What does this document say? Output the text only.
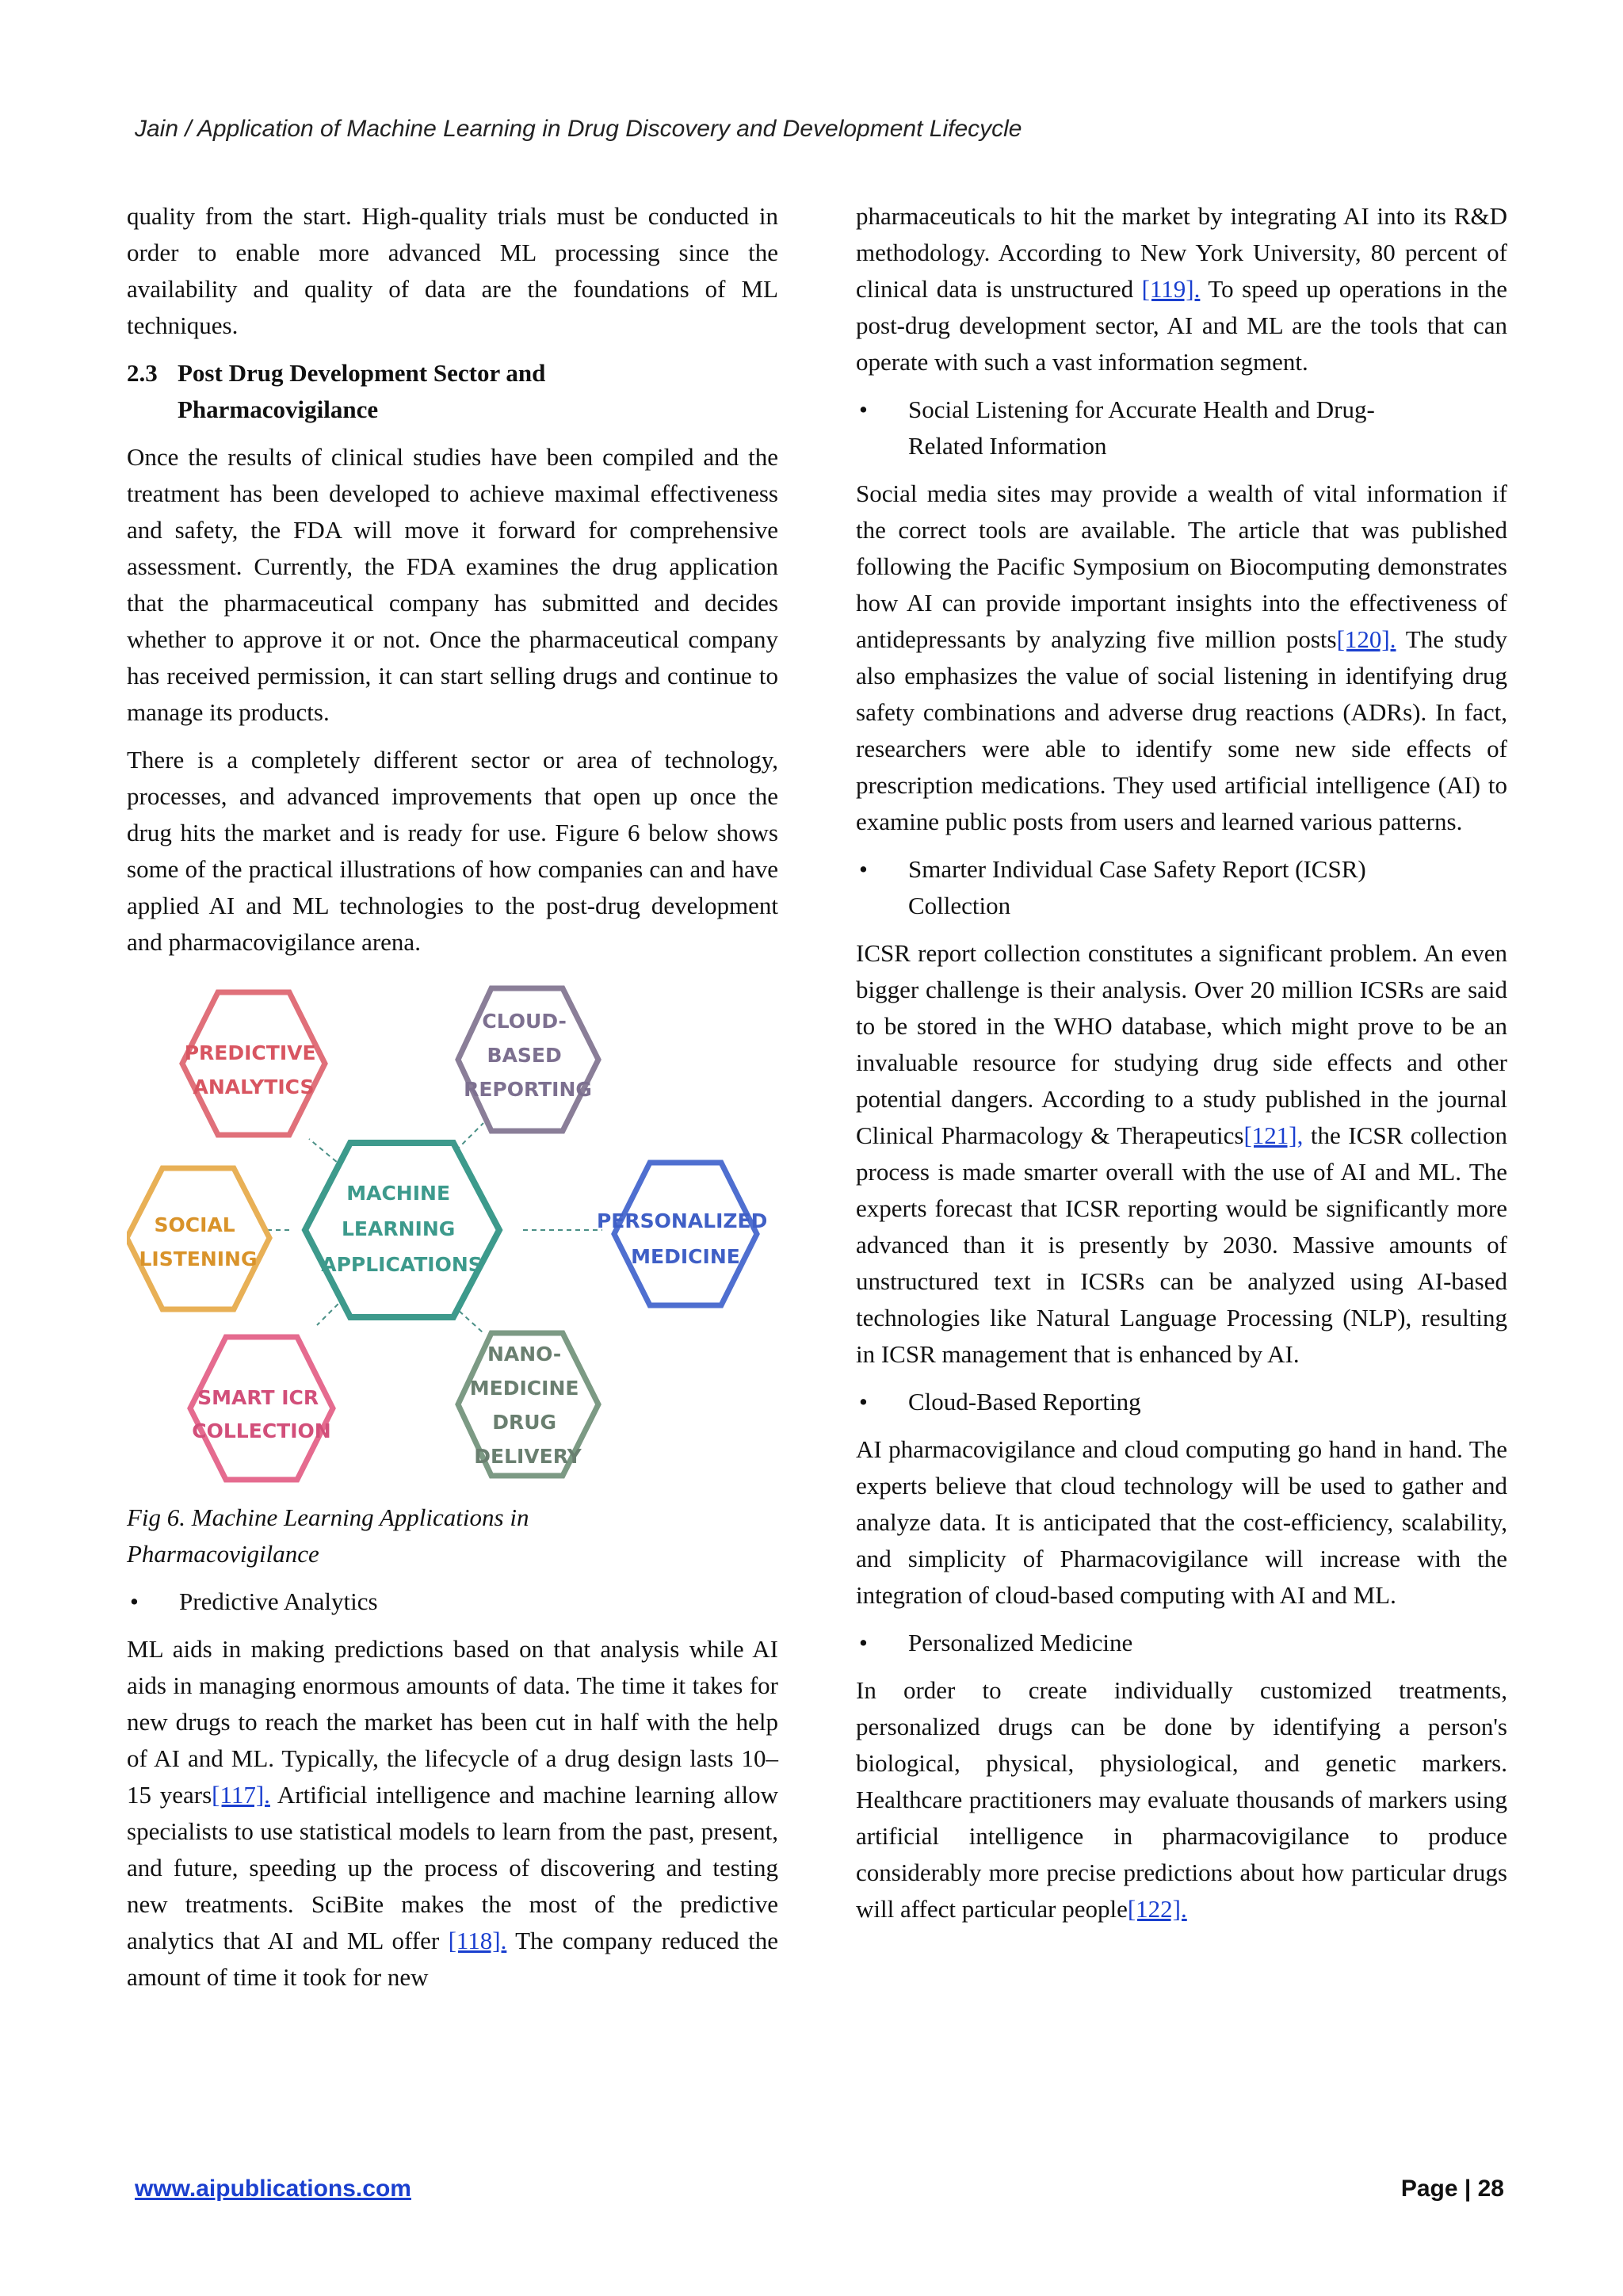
Jain / Application of Machine Learning in Drug Discovery and Development Lifecycle

quality from the start. High-quality trials must be conducted in order to enable more advanced ML processing since the availability and quality of data are the foundations of ML techniques.

2.3 Post Drug Development Sector and
Pharmacovigilance

Once the results of clinical studies have been compiled and the treatment has been developed to achieve maximal effectiveness and safety, the FDA will move it forward for comprehensive assessment. Currently, the FDA examines the drug application that the pharmaceutical company has submitted and decides whether to approve it or not. Once the pharmaceutical company has received permission, it can start selling drugs and continue to manage its products.

There is a completely different sector or area of technology, processes, and advanced improvements that open up once the drug hits the market and is ready for use. Figure 6 below shows some of the practical illustrations of how companies can and have applied AI and ML technologies to the post-drug development and pharmacovigilance arena.

MACHINE LEARNING APPLICATIONS
PREDICTIVE ANALYTICS
CLOUD- BASED REPORTING
SOCIAL LISTENING
PERSONALIZED MEDICINE
SMART ICR COLLECTION
NANO- MEDICINE DRUG DELIVERY

Fig 6. Machine Learning Applications in
Pharmacovigilance

•	Predictive Analytics

ML aids in making predictions based on that analysis while AI aids in managing enormous amounts of data. The time it takes for new drugs to reach the market has been cut in half with the help of AI and ML. Typically, the lifecycle of a drug design lasts 10–15 years[117]. Artificial intelligence and machine learning allow specialists to use statistical models to learn from the past, present, and future, speeding up the process of discovering and testing new treatments. SciBite makes the most of the predictive analytics that AI and ML offer [118]. The company reduced the amount of time it took for new

pharmaceuticals to hit the market by integrating AI into its R&D methodology. According to New York University, 80 percent of clinical data is unstructured [119]. To speed up operations in the post-drug development sector, AI and ML are the tools that can operate with such a vast information segment.

•	Social Listening for Accurate Health and Drug-
Related Information

Social media sites may provide a wealth of vital information if the correct tools are available. The article that was published following the Pacific Symposium on Biocomputing demonstrates how AI can provide important insights into the effectiveness of antidepressants by analyzing five million posts[120]. The study also emphasizes the value of social listening in identifying drug safety combinations and adverse drug reactions (ADRs). In fact, researchers were able to identify some new side effects of prescription medications. They used artificial intelligence (AI) to examine public posts from users and learned various patterns.

•	Smarter Individual Case Safety Report (ICSR)
Collection

ICSR report collection constitutes a significant problem. An even bigger challenge is their analysis. Over 20 million ICSRs are said to be stored in the WHO database, which might prove to be an invaluable resource for studying drug side effects and other potential dangers. According to a study published in the journal Clinical Pharmacology & Therapeutics[121], the ICSR collection process is made smarter overall with the use of AI and ML. The experts forecast that ICSR reporting would be significantly more advanced than it is presently by 2030. Massive amounts of unstructured text in ICSRs can be analyzed using AI-based technologies like Natural Language Processing (NLP), resulting in ICSR management that is enhanced by AI.

•	Cloud-Based Reporting

AI pharmacovigilance and cloud computing go hand in hand. The experts believe that cloud technology will be used to gather and analyze data. It is anticipated that the cost-efficiency, scalability, and simplicity of Pharmacovigilance will increase with the integration of cloud-based computing with AI and ML.

•	Personalized Medicine

In order to create individually customized treatments, personalized drugs can be done by identifying a person's biological, physical, physiological, and genetic markers. Healthcare practitioners may evaluate thousands of markers using artificial intelligence in pharmacovigilance to produce considerably more precise predictions about how particular drugs will affect particular people[122].

www.aipublications.com	Page | 28
